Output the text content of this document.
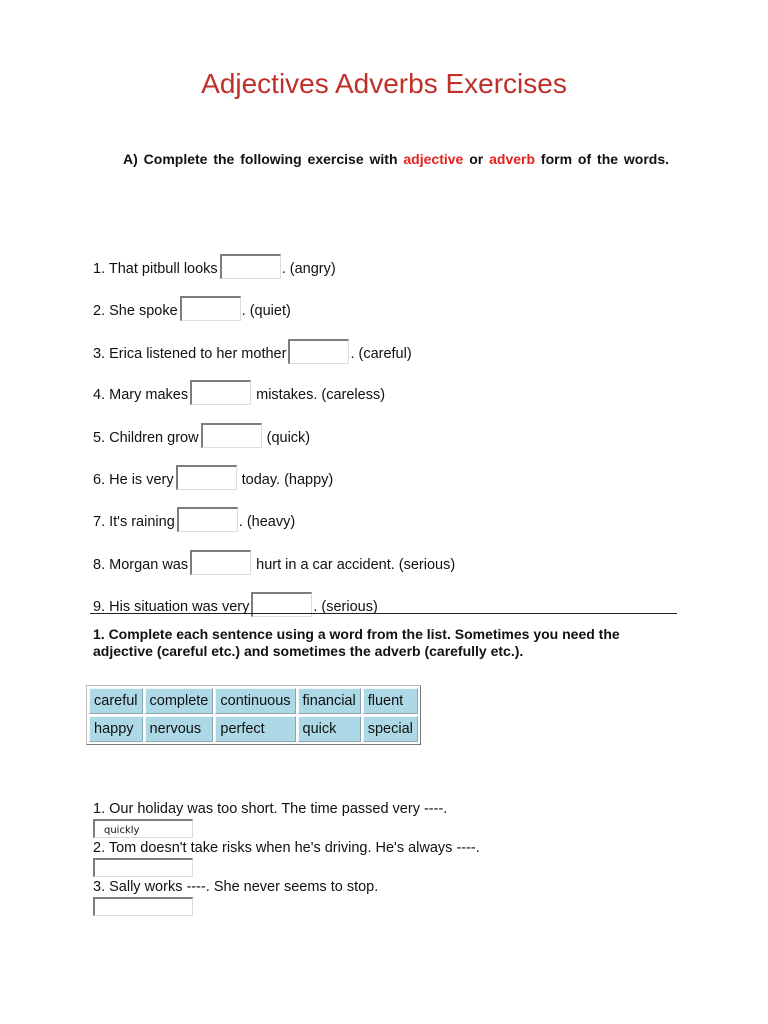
Adjectives Adverbs Exercises
A) Complete the following exercise with adjective or adverb form of the words.
1. That pitbull looks	. (angry)
2. She spoke	. (quiet)
3. Erica listened to her mother	. (careful)
4. Mary makes	mistakes. (careless)
5. Children grow	(quick)
6. He is very	today. (happy)
7. It's raining	. (heavy)
8. Morgan was	hurt in a car accident. (serious)
9. His situation was very	. (serious)
1. Complete each sentence using a word from the list. Sometimes you need the adjective (careful etc.) and sometimes the adverb (carefully etc.).
careful	complete	continuous	financial	fluent
happy	nervous	perfect	quick	special
1. Our holiday was too short. The time passed very ----.
quickly
2. Tom doesn't take risks when he's driving. He's always ----.
3. Sally works ----. She never seems to stop.
